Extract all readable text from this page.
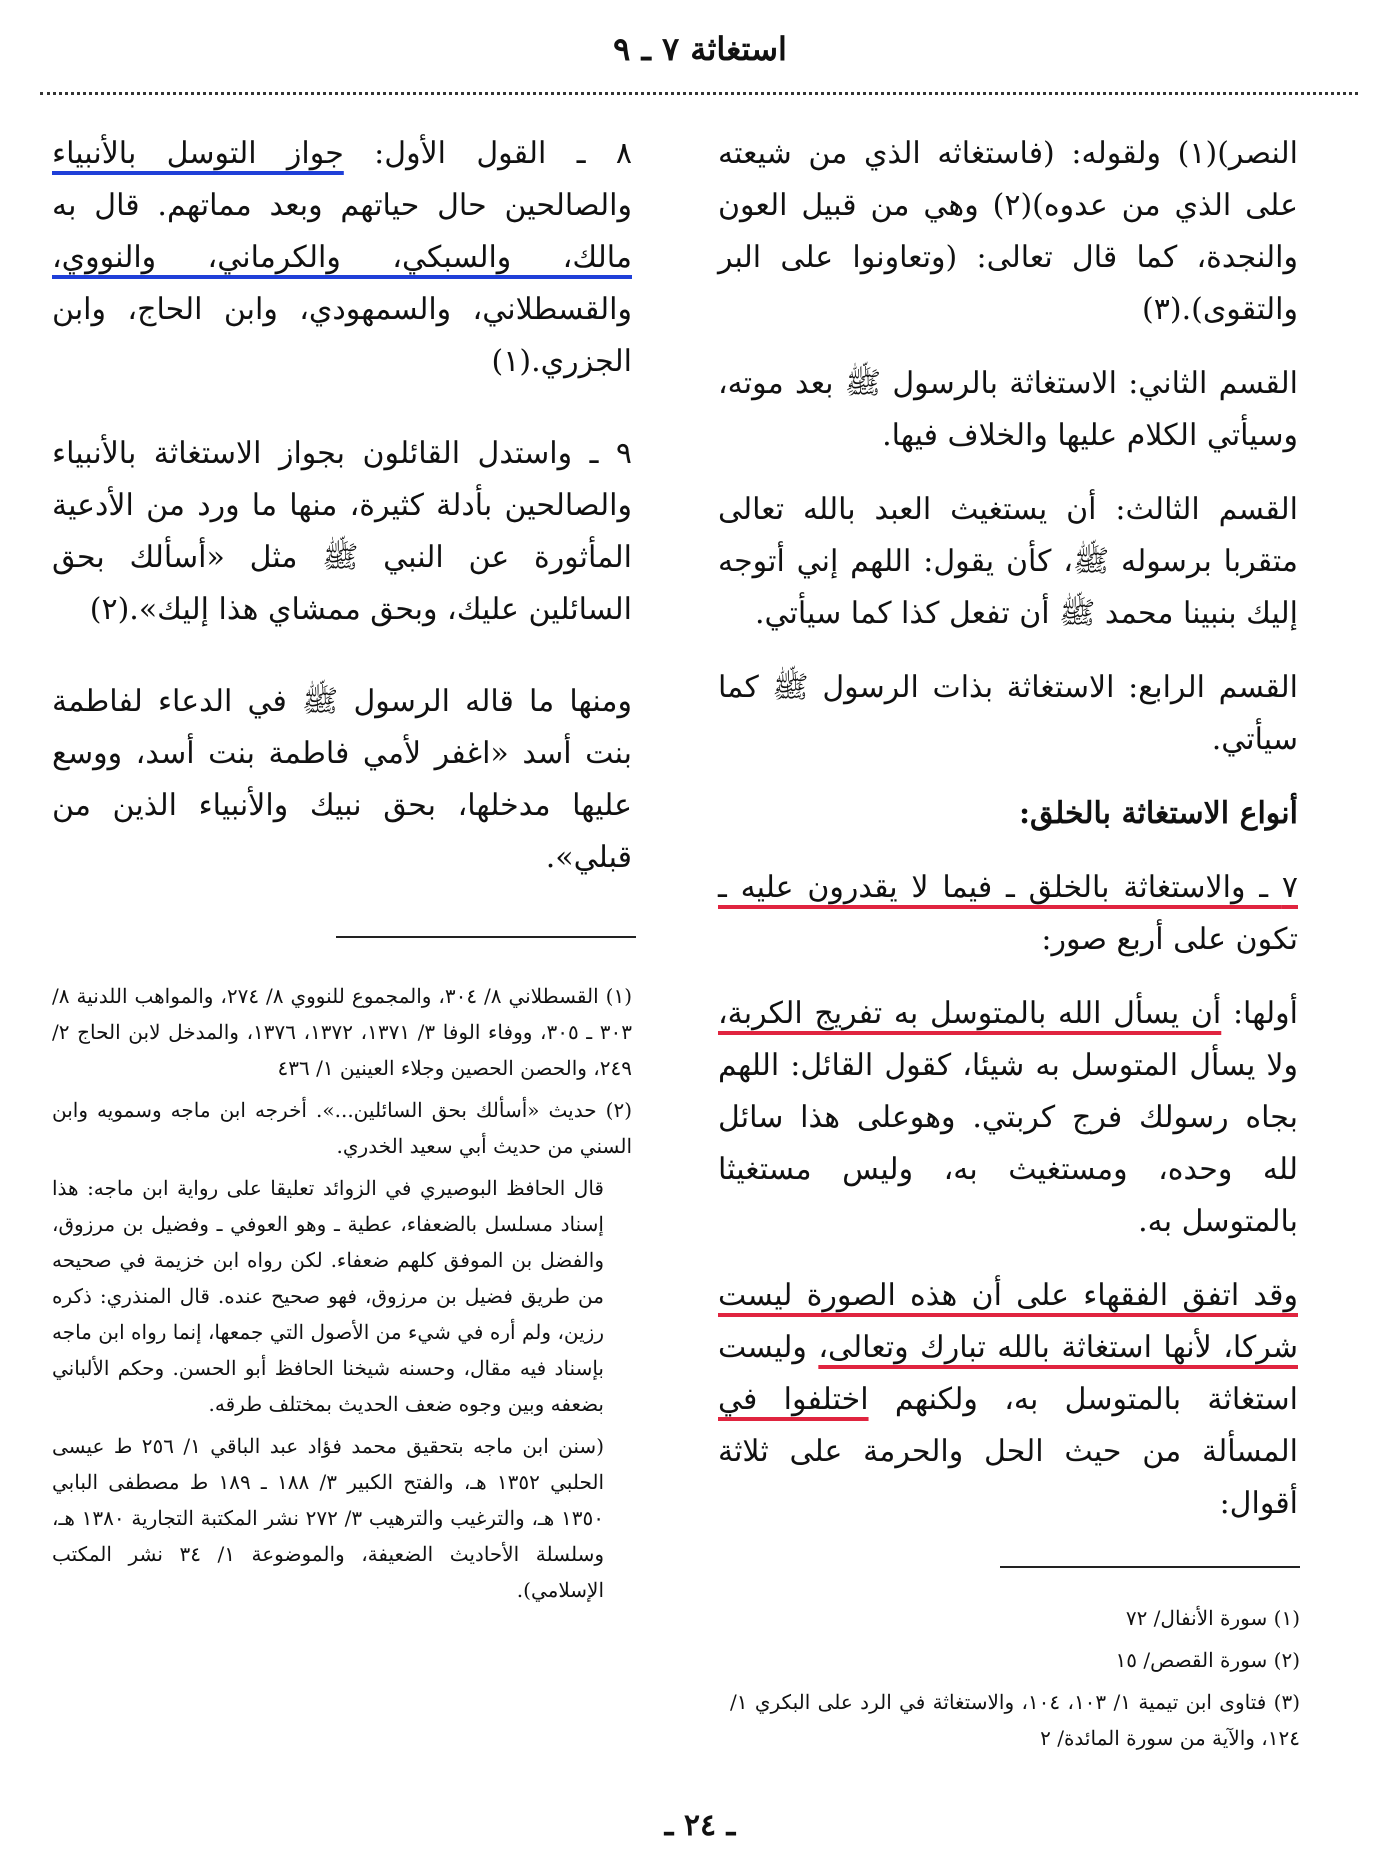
استغاثة ٧ ـ ٩

النصر)(١) ولقوله: (فاستغاثه الذي من شيعته على الذي من عدوه)(٢) وهي من قبيل العون والنجدة، كما قال تعالى: (وتعاونوا على البر والتقوى).(٣)

القسم الثاني: الاستغاثة بالرسول ﷺ بعد موته، وسيأتي الكلام عليها والخلاف فيها.

القسم الثالث: أن يستغيث العبد بالله تعالى متقربا برسوله ﷺ، كأن يقول: اللهم إني أتوجه إليك بنبينا محمد ﷺ أن تفعل كذا كما سيأتي.

القسم الرابع: الاستغاثة بذات الرسول ﷺ كما سيأتي.

أنواع الاستغاثة بالخلق:

٧ ـ والاستغاثة بالخلق ـ فيما لا يقدرون عليه ـ تكون على أربع صور:

أولها: أن يسأل الله بالمتوسل به تفريج الكربة، ولا يسأل المتوسل به شيئا، كقول القائل: اللهم بجاه رسولك فرج كربتي. وهوعلى هذا سائل لله وحده، ومستغيث به، وليس مستغيثا بالمتوسل به.

وقد اتفق الفقهاء على أن هذه الصورة ليست شركا، لأنها استغاثة بالله تبارك وتعالى، وليست استغاثة بالمتوسل به، ولكنهم اختلفوا في المسألة من حيث الحل والحرمة على ثلاثة أقوال:

٨ ـ القول الأول: جواز التوسل بالأنبياء والصالحين حال حياتهم وبعد مماتهم. قال به مالك، والسبكي، والكرماني، والنووي، والقسطلاني، والسمهودي، وابن الحاج، وابن الجزري.(١)

٩ ـ واستدل القائلون بجواز الاستغاثة بالأنبياء والصالحين بأدلة كثيرة، منها ما ورد من الأدعية المأثورة عن النبي ﷺ مثل «أسألك بحق السائلين عليك، وبحق ممشاي هذا إليك».(٢)

ومنها ما قاله الرسول ﷺ في الدعاء لفاطمة بنت أسد «اغفر لأمي فاطمة بنت أسد، ووسع عليها مدخلها، بحق نبيك والأنبياء الذين من قبلي».

(١) القسطلاني ٨/ ٣٠٤، والمجموع للنووي ٨/ ٢٧٤، والمواهب اللدنية ٨/ ٣٠٣ ـ ٣٠٥، ووفاء الوفا ٣/ ١٣٧١، ١٣٧٢، ١٣٧٦، والمدخل لابن الحاج ٢/ ٢٤٩، والحصن الحصين وجلاء العينين ١/ ٤٣٦

(٢) حديث «أسألك بحق السائلين...». أخرجه ابن ماجه وسمويه وابن السني من حديث أبي سعيد الخدري.

قال الحافظ البوصيري في الزوائد تعليقا على رواية ابن ماجه: هذا إسناد مسلسل بالضعفاء، عطية ـ وهو العوفي ـ وفضيل بن مرزوق، والفضل بن الموفق كلهم ضعفاء. لكن رواه ابن خزيمة في صحيحه من طريق فضيل بن مرزوق، فهو صحيح عنده. قال المنذري: ذكره رزين، ولم أره في شيء من الأصول التي جمعها، إنما رواه ابن ماجه بإسناد فيه مقال، وحسنه شيخنا الحافظ أبو الحسن. وحكم الألباني بضعفه وبين وجوه ضعف الحديث بمختلف طرقه.

(سنن ابن ماجه بتحقيق محمد فؤاد عبد الباقي ١/ ٢٥٦ ط عيسى الحلبي ١٣٥٢ هـ، والفتح الكبير ٣/ ١٨٨ ـ ١٨٩ ط مصطفى البابي ١٣٥٠ هـ، والترغيب والترهيب ٣/ ٢٧٢ نشر المكتبة التجارية ١٣٨٠ هـ، وسلسلة الأحاديث الضعيفة، والموضوعة ١/ ٣٤ نشر المكتب الإسلامي).

(١) سورة الأنفال/ ٧٢

(٢) سورة القصص/ ١٥

(٣) فتاوى ابن تيمية ١/ ١٠٣، ١٠٤، والاستغاثة في الرد على البكري ١/ ١٢٤، والآية من سورة المائدة/ ٢

ـ ٢٤ ـ
